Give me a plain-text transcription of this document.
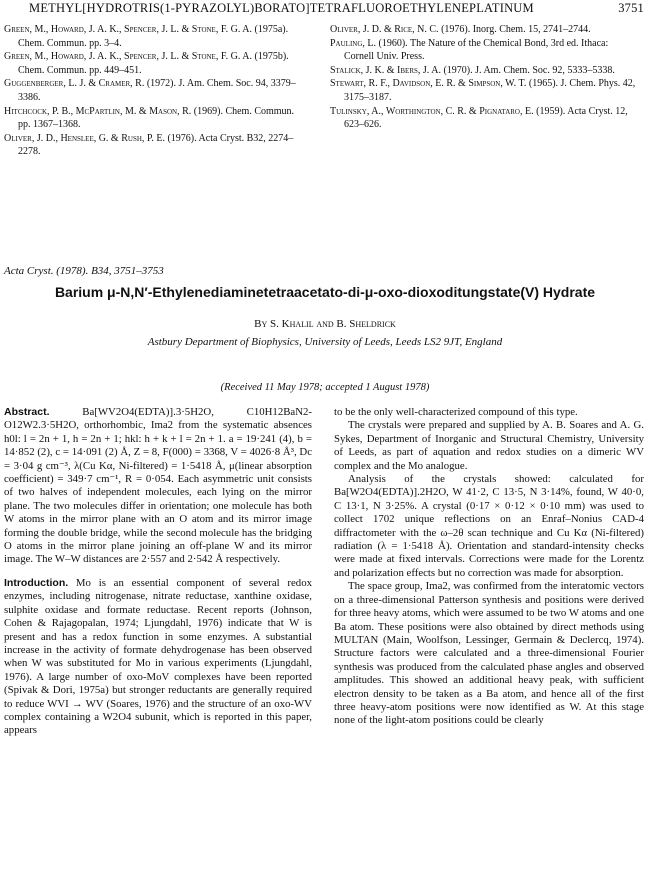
METHYL[HYDROTRIS(1-PYRAZOLYL)BORATO]TETRAFLUOROETHYLENEPLATINUM	3751
Green, M., Howard, J. A. K., Spencer, J. L. & Stone, F. G. A. (1975a). Chem. Commun. pp. 3–4.
Green, M., Howard, J. A. K., Spencer, J. L. & Stone, F. G. A. (1975b). Chem. Commun. pp. 449–451.
Guggenberger, L. J. & Cramer, R. (1972). J. Am. Chem. Soc. 94, 3379–3386.
Hitchcock, P. B., McPartlin, M. & Mason, R. (1969). Chem. Commun. pp. 1367–1368.
Oliver, J. D., Henslee, G. & Rush, P. E. (1976). Acta Cryst. B32, 2274–2278.
Oliver, J. D. & Rice, N. C. (1976). Inorg. Chem. 15, 2741–2744.
Pauling, L. (1960). The Nature of the Chemical Bond, 3rd ed. Ithaca: Cornell Univ. Press.
Stalick, J. K. & Ibers, J. A. (1970). J. Am. Chem. Soc. 92, 5333–5338.
Stewart, R. F., Davidson, E. R. & Simpson, W. T. (1965). J. Chem. Phys. 42, 3175–3187.
Tulinsky, A., Worthington, C. R. & Pignataro, E. (1959). Acta Cryst. 12, 623–626.
Acta Cryst. (1978). B34, 3751–3753
Barium μ-N,N′-Ethylenediaminetetraacetato-di-μ-oxo-dioxoditungstate(V) Hydrate
By S. Khalil and B. Sheldrick
Astbury Department of Biophysics, University of Leeds, Leeds LS2 9JT, England
(Received 11 May 1978; accepted 1 August 1978)

Abstract. Ba[WV2O4(EDTA)].3·5H2O, C10H12BaN2-O12W2.3·5H2O, orthorhombic, Ima2 from the systematic absences h0l: l = 2n + 1, h = 2n + 1; hkl: h + k + l = 2n + 1. a = 19·241 (4), b = 14·852 (2), c = 14·091 (2) Å, Z = 8, F(000) = 3368, V = 4026·8 Å³, Dc = 3·04 g cm⁻³, λ(Cu Kα, Ni-filtered) = 1·5418 Å, μ(linear absorption coefficient) = 349·7 cm⁻¹, R = 0·054. Each asymmetric unit consists of two halves of independent molecules, each lying on the mirror plane. The two molecules differ in orientation; one molecule has both W atoms in the mirror plane with an O atom and its mirror image forming the double bridge, while the second molecule has the bridging O atoms in the mirror plane joining an off-plane W and its mirror image. The W–W distances are 2·557 and 2·542 Å respectively.

Introduction. Mo is an essential component of several redox enzymes, including nitrogenase, nitrate reductase, xanthine oxidase, sulphite oxidase and formate reductase. Recent reports (Johnson, Cohen & Rajagopalan, 1974; Ljungdahl, 1976) indicate that W is present and has a redox function in some enzymes. A substantial increase in the activity of formate dehydrogenase has been observed when W was substituted for Mo in various experiments (Ljungdahl, 1976). A large number of oxo-MoV complexes have been reported (Spivak & Dori, 1975a) but stronger reductants are generally required to reduce WVI → WV (Soares, 1976) and the structure of an oxo-WV complex containing a W2O4 subunit, which is reported in this paper, appears

to be the only well-characterized compound of this type.

The crystals were prepared and supplied by A. B. Soares and A. G. Sykes, Department of Inorganic and Structural Chemistry, University of Leeds, as part of aquation and redox studies on a dimeric WV complex and the Mo analogue.

Analysis of the crystals showed: calculated for Ba[W2O4(EDTA)].2H2O, W 41·2, C 13·5, N 3·14%, found, W 40·0, C 13·1, N 3·25%. A crystal (0·17 × 0·12 × 0·10 mm) was used to collect 1702 unique reflections on an Enraf–Nonius CAD-4 diffractometer with the ω–2θ scan technique and Cu Kα (Ni-filtered) radiation (λ = 1·5418 Å). Orientation and standard-intensity checks were made at fixed intervals. Corrections were made for the Lorentz and polarization effects but no correction was made for absorption.

The space group, Ima2, was confirmed from the interatomic vectors on a three-dimensional Patterson synthesis and positions were derived for three heavy atoms, which were assumed to be two W atoms and one Ba atom. These positions were also obtained by direct methods using MULTAN (Main, Woolfson, Lessinger, Germain & Declercq, 1974). Structure factors were calculated and a three-dimensional Fourier synthesis was produced from the calculated phase angles and observed amplitudes. This showed an additional heavy peak, with sufficient electron density to be taken as a Ba atom, and hence all of the first three heavy-atom positions were now identified as W. At this stage none of the light-atom positions could be clearly
